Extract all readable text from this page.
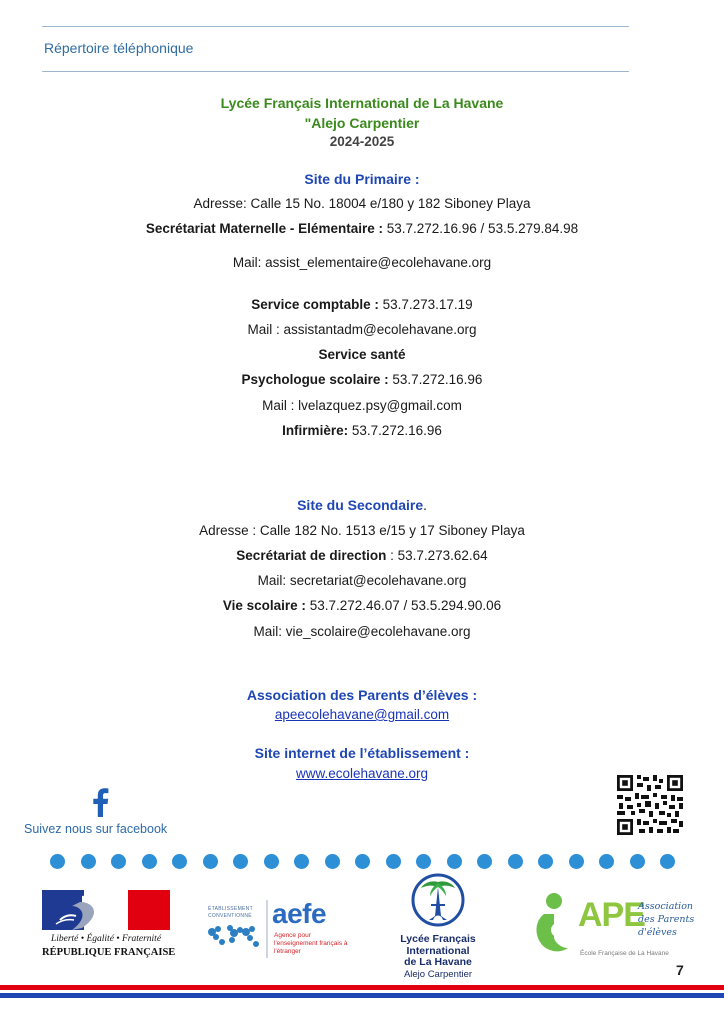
Répertoire téléphonique
Lycée Français International de La Havane
"Alejo Carpentier
2024-2025
Site du Primaire :
Adresse: Calle 15 No. 18004 e/180 y 182 Siboney Playa
Secrétariat Maternelle - Elémentaire : 53.7.272.16.96 / 53.5.279.84.98
Mail: assist_elementaire@ecolehavane.org
Service comptable : 53.7.273.17.19
Mail : assistantadm@ecolehavane.org
Service santé
Psychologue scolaire : 53.7.272.16.96
Mail : lvelazquez.psy@gmail.com
Infirmière: 53.7.272.16.96
Site du Secondaire.
Adresse : Calle 182 No. 1513 e/15 y 17 Siboney Playa
Secrétariat de direction : 53.7.273.62.64
Mail: secretariat@ecolehavane.org
Vie scolaire : 53.7.272.46.07 / 53.5.294.90.06
Mail: vie_scolaire@ecolehavane.org
Association des Parents d’élèves :
apeecolehavane@gmail.com
Site internet de l’établissement :
www.ecolehavane.org
Suivez nous sur facebook
Liberté • Égalité • Fraternité
RÉPUBLIQUE FRANÇAISE
ÉTABLISSEMENT CONVENTIONNÉ aefe
Agence pour l'enseignement français à l'étranger
Lycée Français
International
de La Havane
Alejo Carpentier
APE
Association
des Parents
d'élèves
École Française de La Havane
7
